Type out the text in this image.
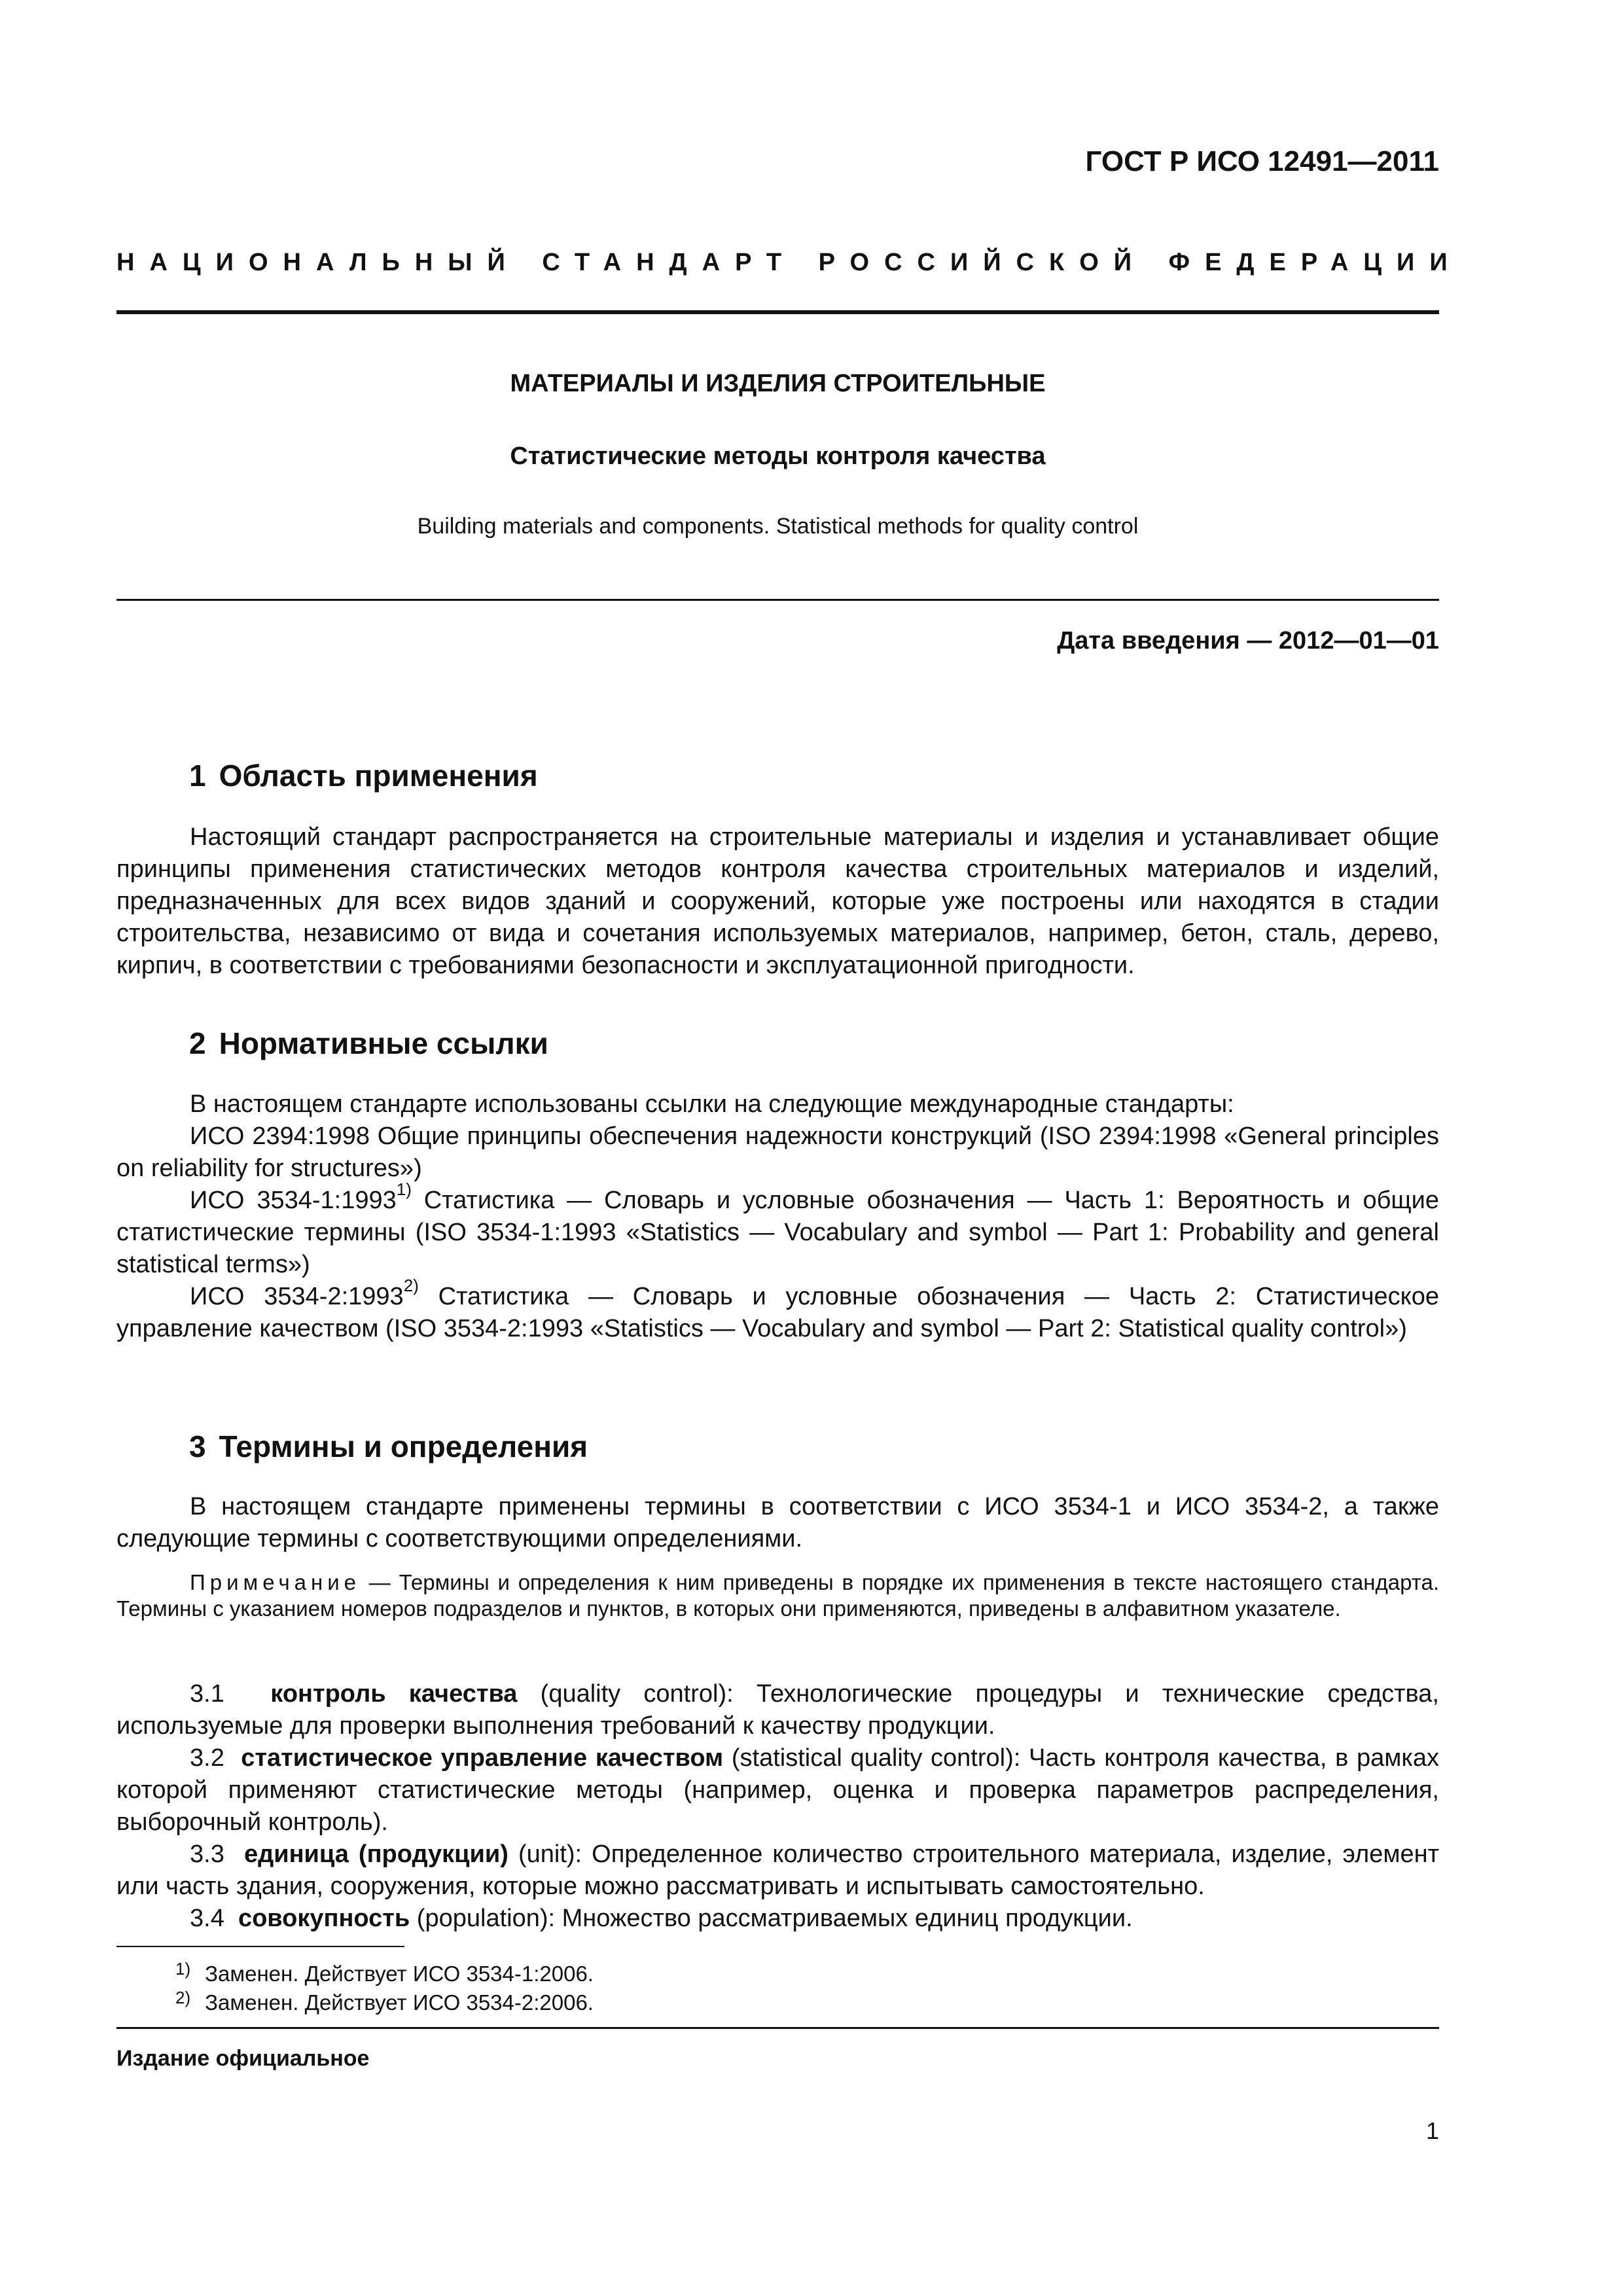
ГОСТ Р ИСО 12491—2011
НАЦИОНАЛЬНЫЙ СТАНДАРТ РОССИЙСКОЙ ФЕДЕРАЦИИ
МАТЕРИАЛЫ И ИЗДЕЛИЯ СТРОИТЕЛЬНЫЕ
Статистические методы контроля качества
Building materials and components. Statistical methods for quality control
Дата введения — 2012—01—01
1 Область применения

Настоящий стандарт распространяется на строительные материалы и изделия и устанавливает общие принципы применения статистических методов контроля качества строительных материалов и изделий, предназначенных для всех видов зданий и сооружений, которые уже построены или находятся в стадии строительства, независимо от вида и сочетания используемых материалов, например, бетон, сталь, дерево, кирпич, в соответствии с требованиями безопасности и эксплуатационной пригодности.

2 Нормативные ссылки

В настоящем стандарте использованы ссылки на следующие международные стандарты:

ИСО 2394:1998 Общие принципы обеспечения надежности конструкций (ISO 2394:1998 «General principles on reliability for structures»)

ИСО 3534-1:1993$^{1)}$ Статистика — Словарь и условные обозначения — Часть 1: Вероятность и общие статистические термины (ISO 3534-1:1993 «Statistics — Vocabulary and symbol — Part 1: Probability and general statistical terms»)

ИСО 3534-2:1993$^{2)}$ Статистика — Словарь и условные обозначения — Часть 2: Статистическое управление качеством (ISO 3534-2:1993 «Statistics — Vocabulary and symbol — Part 2: Statistical quality control»)

3 Термины и определения

В настоящем стандарте применены термины в соответствии с ИСО 3534-1 и ИСО 3534-2, а также следующие термины с соответствующими определениями.

Примечание — Термины и определения к ним приведены в порядке их применения в тексте настоящего стандарта. Термины с указанием номеров подразделов и пунктов, в которых они применяются, приведены в алфавитном указателе.

3.1 контроль качества (quality control): Технологические процедуры и технические средства, используемые для проверки выполнения требований к качеству продукции.

3.2 статистическое управление качеством (statistical quality control): Часть контроля качества, в рамках которой применяют статистические методы (например, оценка и проверка параметров распределения, выборочный контроль).

3.3 единица (продукции) (unit): Определенное количество строительного материала, изделие, элемент или часть здания, сооружения, которые можно рассматривать и испытывать самостоятельно.

3.4 совокупность (population): Множество рассматриваемых единиц продукции.

$^{1)}$ Заменен. Действует ИСО 3534-1:2006.
$^{2)}$ Заменен. Действует ИСО 3534-2:2006.
Издание официальное
1
